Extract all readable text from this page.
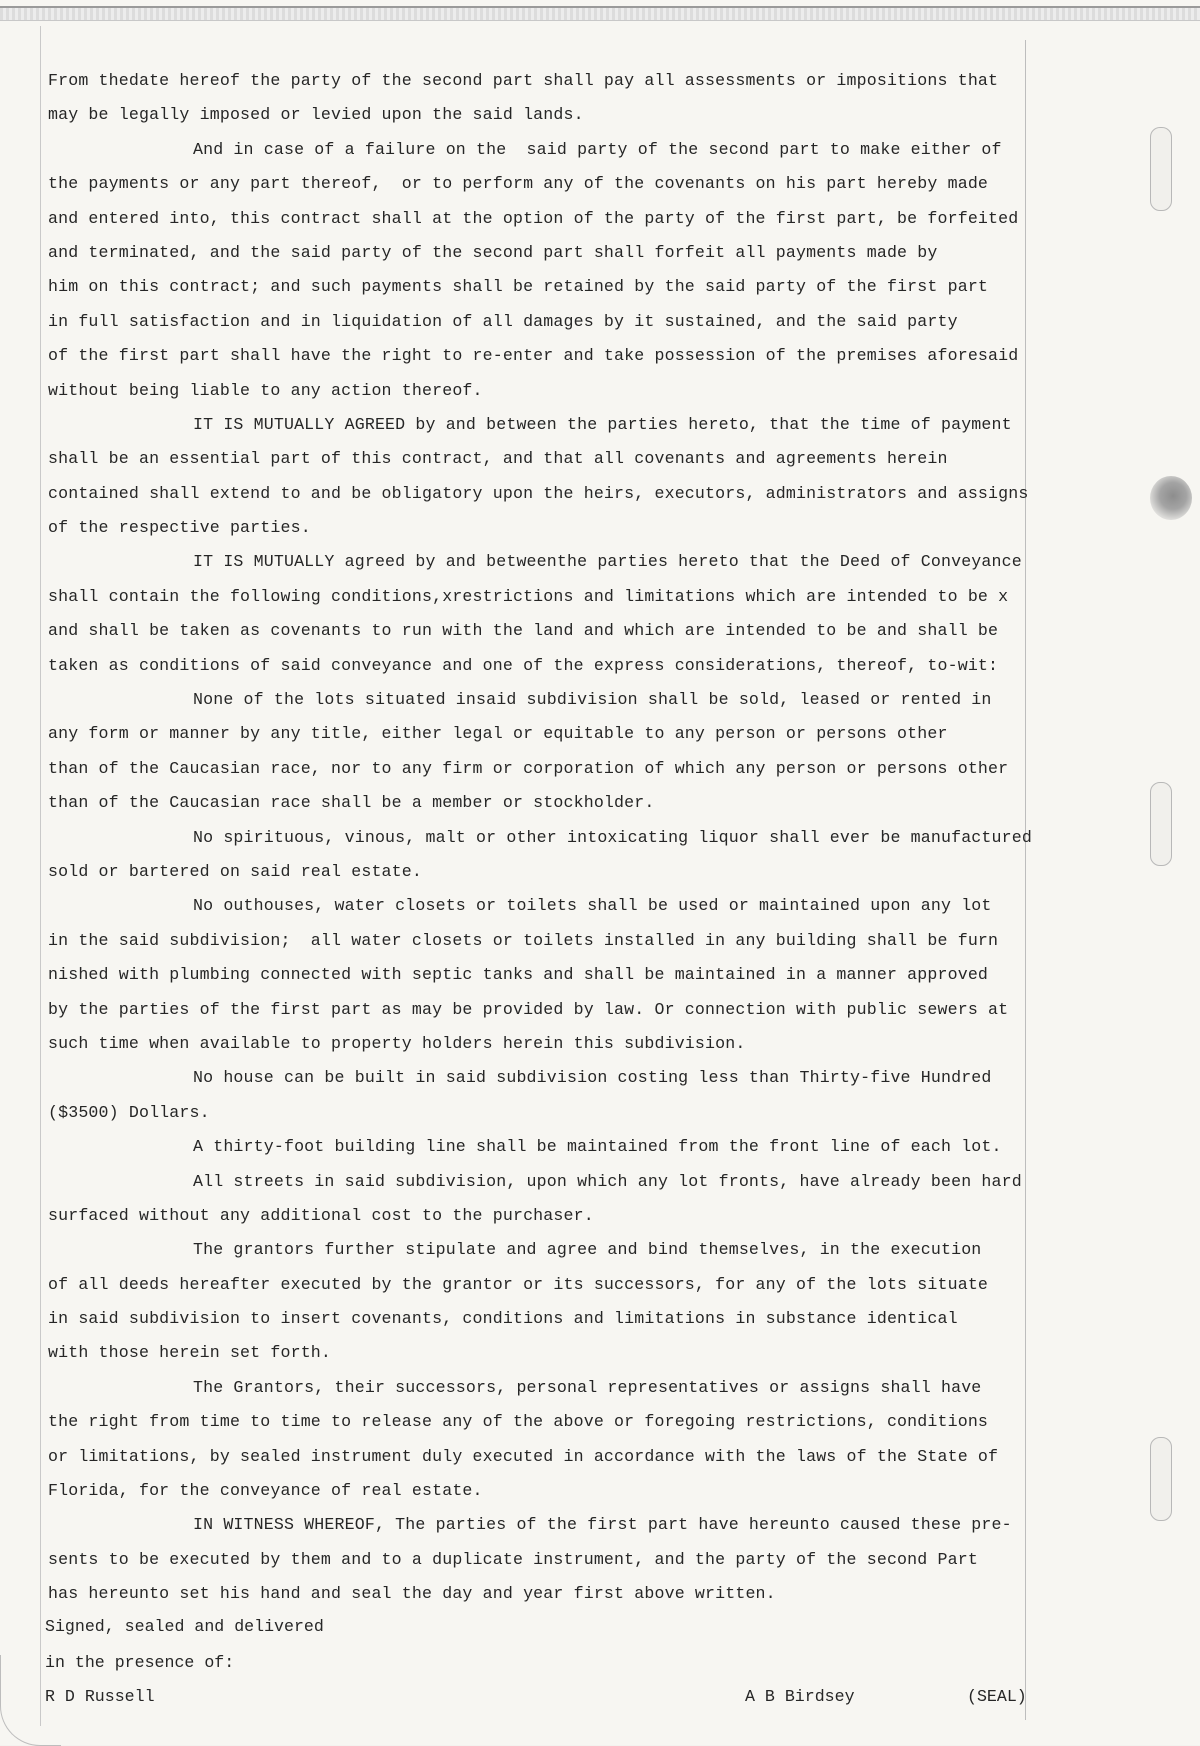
From thedate hereof the party of the second part shall pay all assessments or impositions that
may be legally imposed or levied upon the said lands.
And in case of a failure on the  said party of the second part to make either of
the payments or any part thereof,  or to perform any of the covenants on his part hereby made
and entered into, this contract shall at the option of the party of the first part, be forfeited
and terminated, and the said party of the second part shall forfeit all payments made by
him on this contract; and such payments shall be retained by the said party of the first part
in full satisfaction and in liquidation of all damages by it sustained, and the said party
of the first part shall have the right to re-enter and take possession of the premises aforesaid
without being liable to any action thereof.
IT IS MUTUALLY AGREED by and between the parties hereto, that the time of payment
shall be an essential part of this contract, and that all covenants and agreements herein
contained shall extend to and be obligatory upon the heirs, executors, administrators and assigns
of the respective parties.
IT IS MUTUALLY agreed by and betweenthe parties hereto that the Deed of Conveyance
shall contain the following conditions,xrestrictions and limitations which are intended to be x
and shall be taken as covenants to run with the land and which are intended to be and shall be
taken as conditions of said conveyance and one of the express considerations, thereof, to-wit:
None of the lots situated insaid subdivision shall be sold, leased or rented in
any form or manner by any title, either legal or equitable to any person or persons other
than of the Caucasian race, nor to any firm or corporation of which any person or persons other
than of the Caucasian race shall be a member or stockholder.
No spirituous, vinous, malt or other intoxicating liquor shall ever be manufactured
sold or bartered on said real estate.
No outhouses, water closets or toilets shall be used or maintained upon any lot
in the said subdivision;  all water closets or toilets installed in any building shall be furn
nished with plumbing connected with septic tanks and shall be maintained in a manner approved
by the parties of the first part as may be provided by law. Or connection with public sewers at
such time when available to property holders herein this subdivision.
No house can be built in said subdivision costing less than Thirty-five Hundred
($3500) Dollars.
A thirty-foot building line shall be maintained from the front line of each lot.
All streets in said subdivision, upon which any lot fronts, have already been hard
surfaced without any additional cost to the purchaser.
The grantors further stipulate and agree and bind themselves, in the execution
of all deeds hereafter executed by the grantor or its successors, for any of the lots situate
in said subdivision to insert covenants, conditions and limitations in substance identical
with those herein set forth.
The Grantors, their successors, personal representatives or assigns shall have
the right from time to time to release any of the above or foregoing restrictions, conditions
or limitations, by sealed instrument duly executed in accordance with the laws of the State of
Florida, for the conveyance of real estate.
IN WITNESS WHEREOF, The parties of the first part have hereunto caused these pre-
sents to be executed by them and to a duplicate instrument, and the party of the second Part
has hereunto set his hand and seal the day and year first above written.
Signed, sealed and delivered
in the presence of:
R D Russell	A B Birdsey	(SEAL)
